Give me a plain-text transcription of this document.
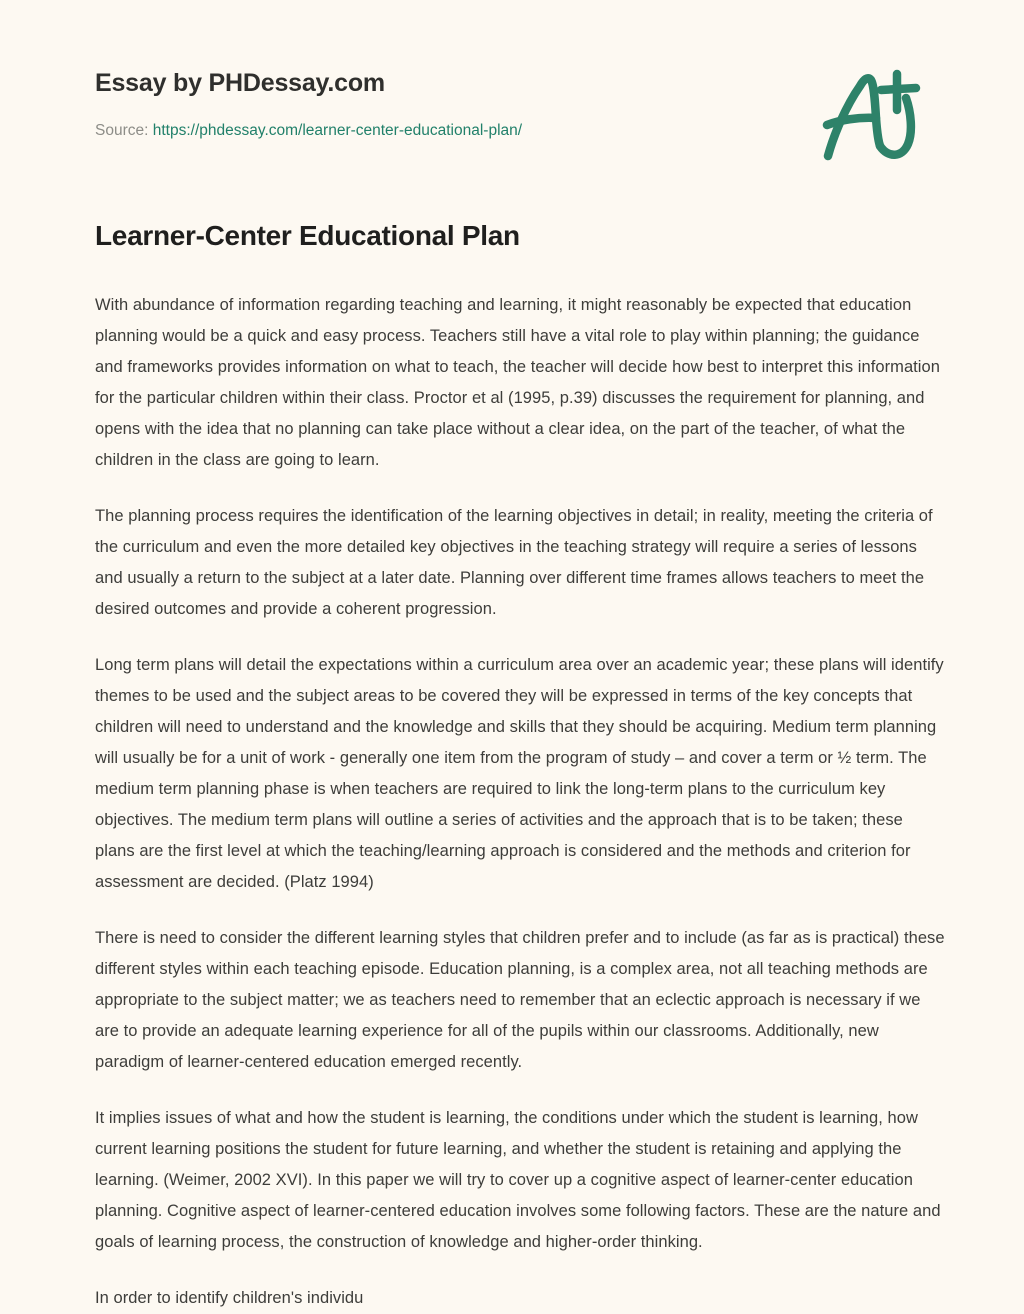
Essay by PHDessay.com
Source: https://phdessay.com/learner-center-educational-plan/
Learner-Center Educational Plan

With abundance of information regarding teaching and learning, it might reasonably be expected that education planning would be a quick and easy process. Teachers still have a vital role to play within planning; the guidance and frameworks provides information on what to teach, the teacher will decide how best to interpret this information for the particular children within their class. Proctor et al (1995, p.39) discusses the requirement for planning, and opens with the idea that no planning can take place without a clear idea, on the part of the teacher, of what the children in the class are going to learn.

The planning process requires the identification of the learning objectives in detail; in reality, meeting the criteria of the curriculum and even the more detailed key objectives in the teaching strategy will require a series of lessons and usually a return to the subject at a later date. Planning over different time frames allows teachers to meet the desired outcomes and provide a coherent progression.

Long term plans will detail the expectations within a curriculum area over an academic year; these plans will identify themes to be used and the subject areas to be covered they will be expressed in terms of the key concepts that children will need to understand and the knowledge and skills that they should be acquiring. Medium term planning will usually be for a unit of work - generally one item from the program of study – and cover a term or ½ term. The medium term planning phase is when teachers are required to link the long-term plans to the curriculum key objectives. The medium term plans will outline a series of activities and the approach that is to be taken; these plans are the first level at which the teaching/learning approach is considered and the methods and criterion for assessment are decided. (Platz 1994)

There is need to consider the different learning styles that children prefer and to include (as far as is practical) these different styles within each teaching episode. Education planning, is a complex area, not all teaching methods are appropriate to the subject matter; we as teachers need to remember that an eclectic approach is necessary if we are to provide an adequate learning experience for all of the pupils within our classrooms. Additionally, new paradigm of learner-centered education emerged recently.

It implies issues of what and how the student is learning, the conditions under which the student is learning, how current learning positions the student for future learning, and whether the student is retaining and applying the learning. (Weimer, 2002 XVI). In this paper we will try to cover up a cognitive aspect of learner-center education planning. Cognitive aspect of learner-centered education involves some following factors. These are the nature and goals of learning process, the construction of knowledge and higher-order thinking.

In order to identify children's individu
